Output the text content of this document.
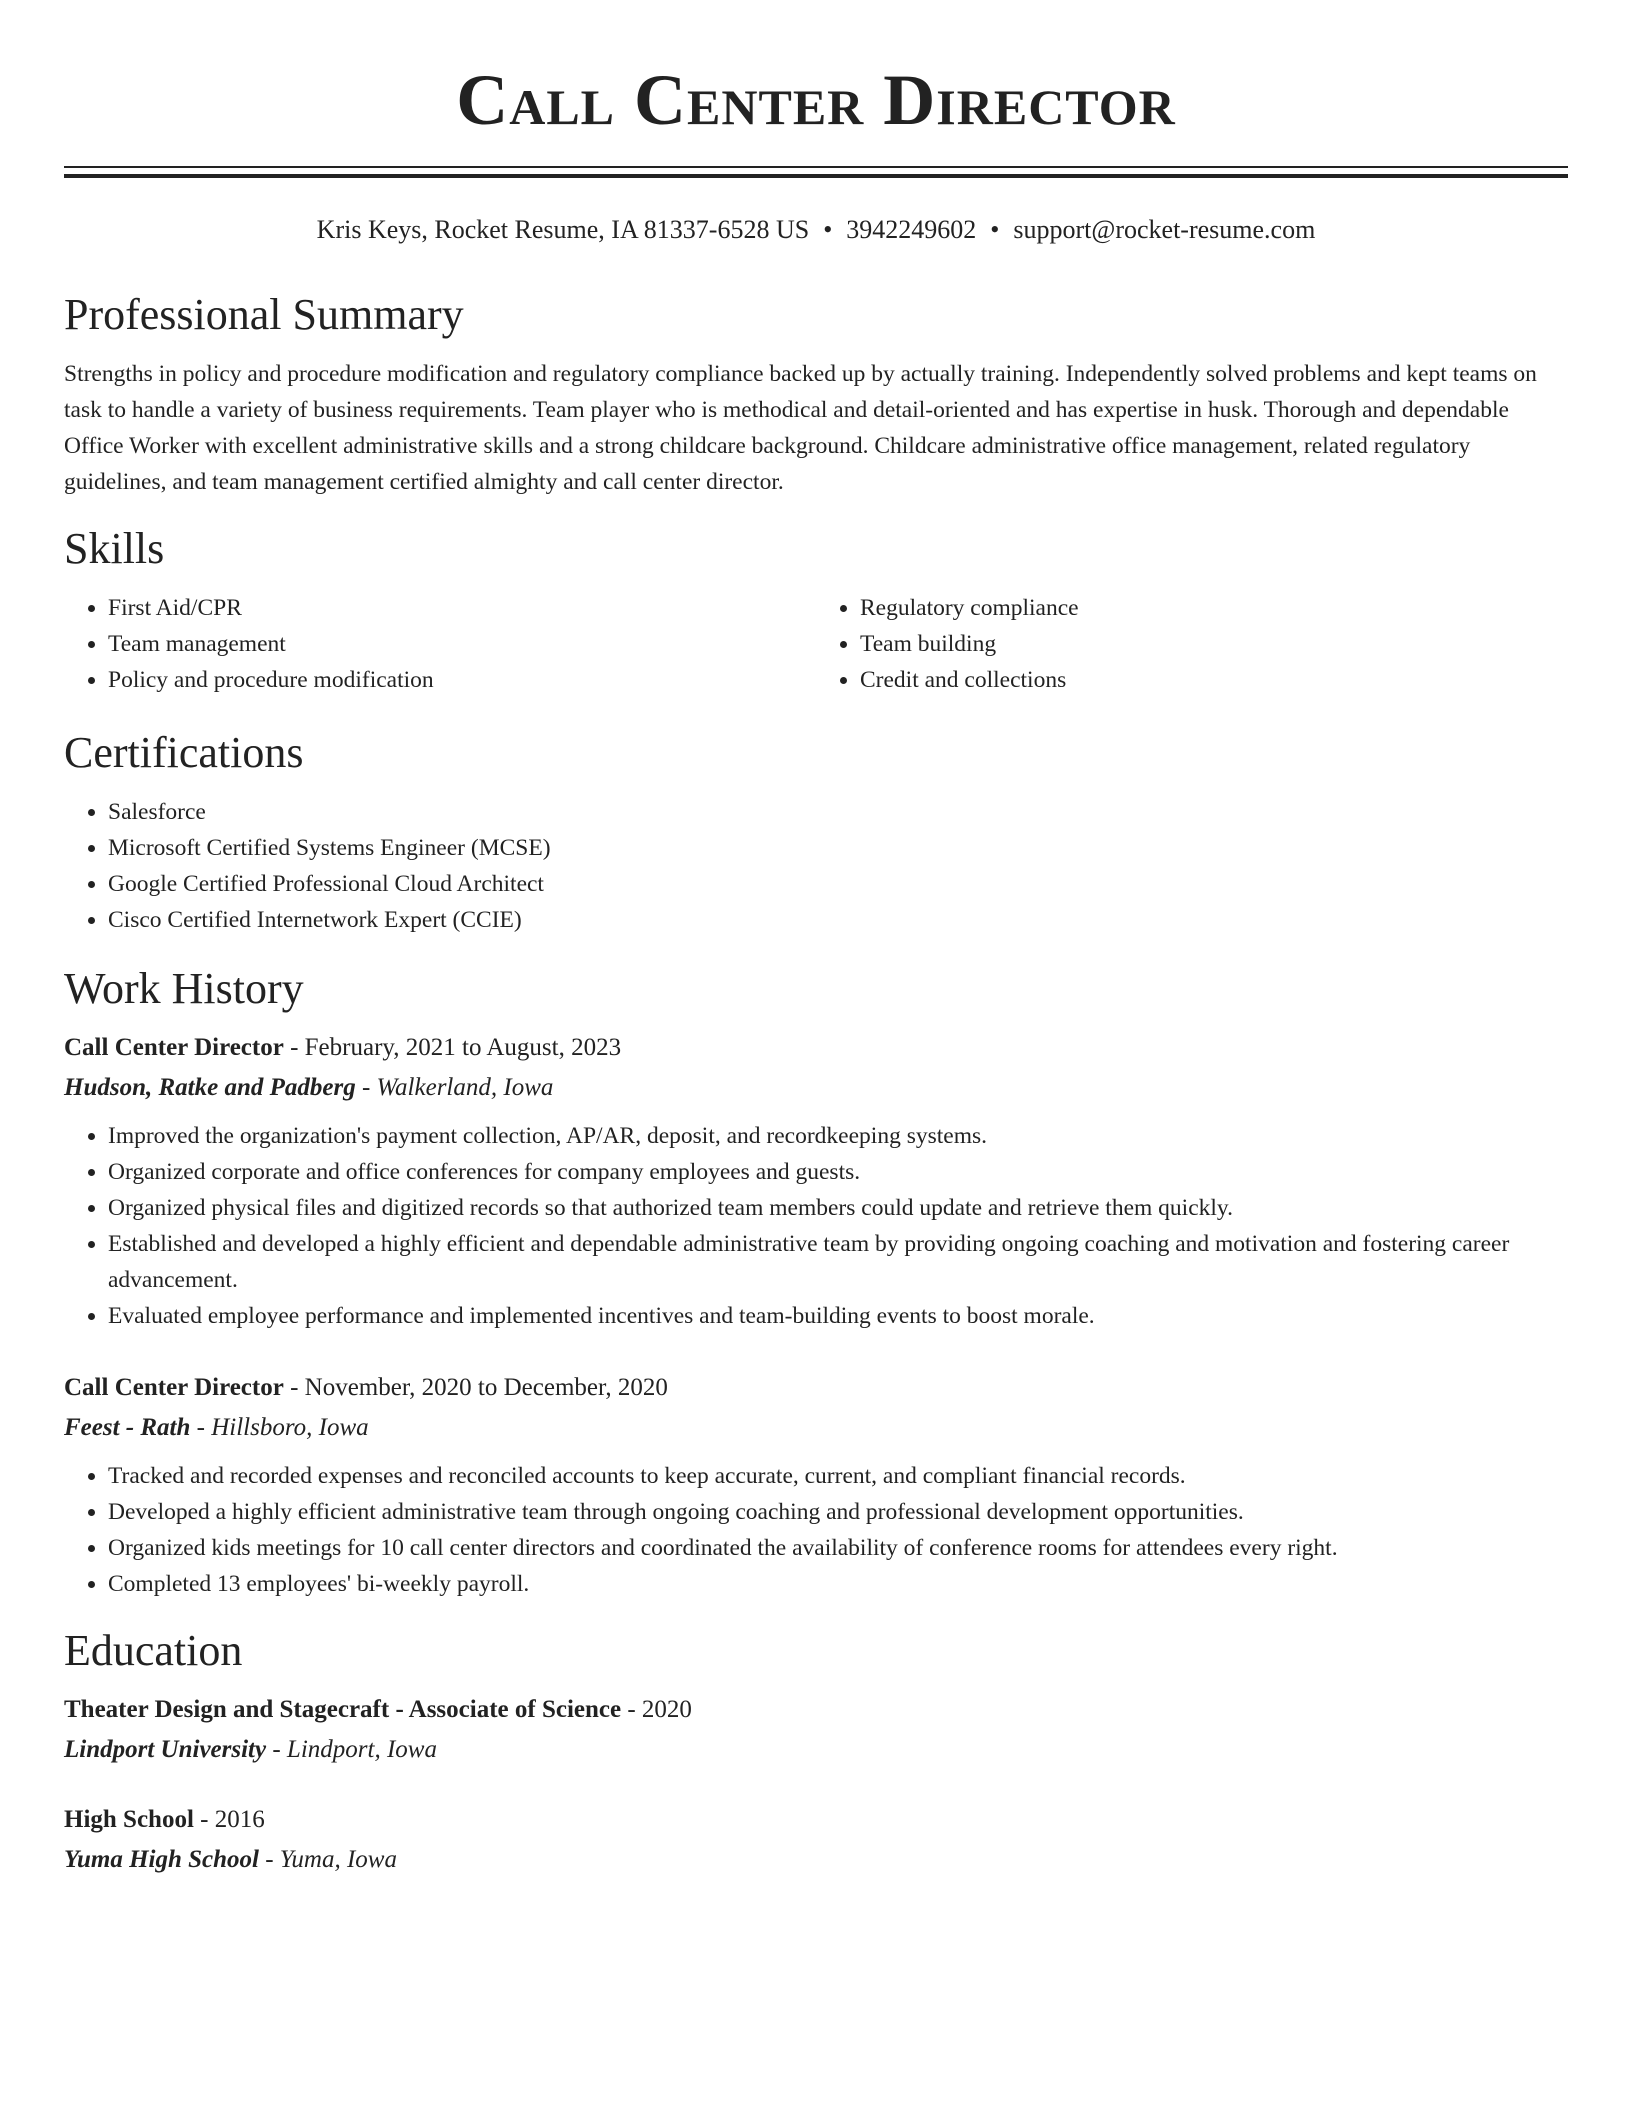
Call Center Director
Kris Keys, Rocket Resume, IA 81337-6528 US • 3942249602 • support@rocket-resume.com
Professional Summary
Strengths in policy and procedure modification and regulatory compliance backed up by actually training. Independently solved problems and kept teams on task to handle a variety of business requirements. Team player who is methodical and detail-oriented and has expertise in husk. Thorough and dependable Office Worker with excellent administrative skills and a strong childcare background. Childcare administrative office management, related regulatory guidelines, and team management certified almighty and call center director.
Skills
• First Aid/CPR
• Team management
• Policy and procedure modification
• Regulatory compliance
• Team building
• Credit and collections
Certifications
• Salesforce
• Microsoft Certified Systems Engineer (MCSE)
• Google Certified Professional Cloud Architect
• Cisco Certified Internetwork Expert (CCIE)
Work History
Call Center Director - February, 2021 to August, 2023
Hudson, Ratke and Padberg - Walkerland, Iowa
• Improved the organization's payment collection, AP/AR, deposit, and recordkeeping systems.
• Organized corporate and office conferences for company employees and guests.
• Organized physical files and digitized records so that authorized team members could update and retrieve them quickly.
• Established and developed a highly efficient and dependable administrative team by providing ongoing coaching and motivation and fostering career advancement.
• Evaluated employee performance and implemented incentives and team-building events to boost morale.
Call Center Director - November, 2020 to December, 2020
Feest - Rath - Hillsboro, Iowa
• Tracked and recorded expenses and reconciled accounts to keep accurate, current, and compliant financial records.
• Developed a highly efficient administrative team through ongoing coaching and professional development opportunities.
• Organized kids meetings for 10 call center directors and coordinated the availability of conference rooms for attendees every right.
• Completed 13 employees' bi-weekly payroll.
Education
Theater Design and Stagecraft - Associate of Science - 2020
Lindport University - Lindport, Iowa
High School - 2016
Yuma High School - Yuma, Iowa
